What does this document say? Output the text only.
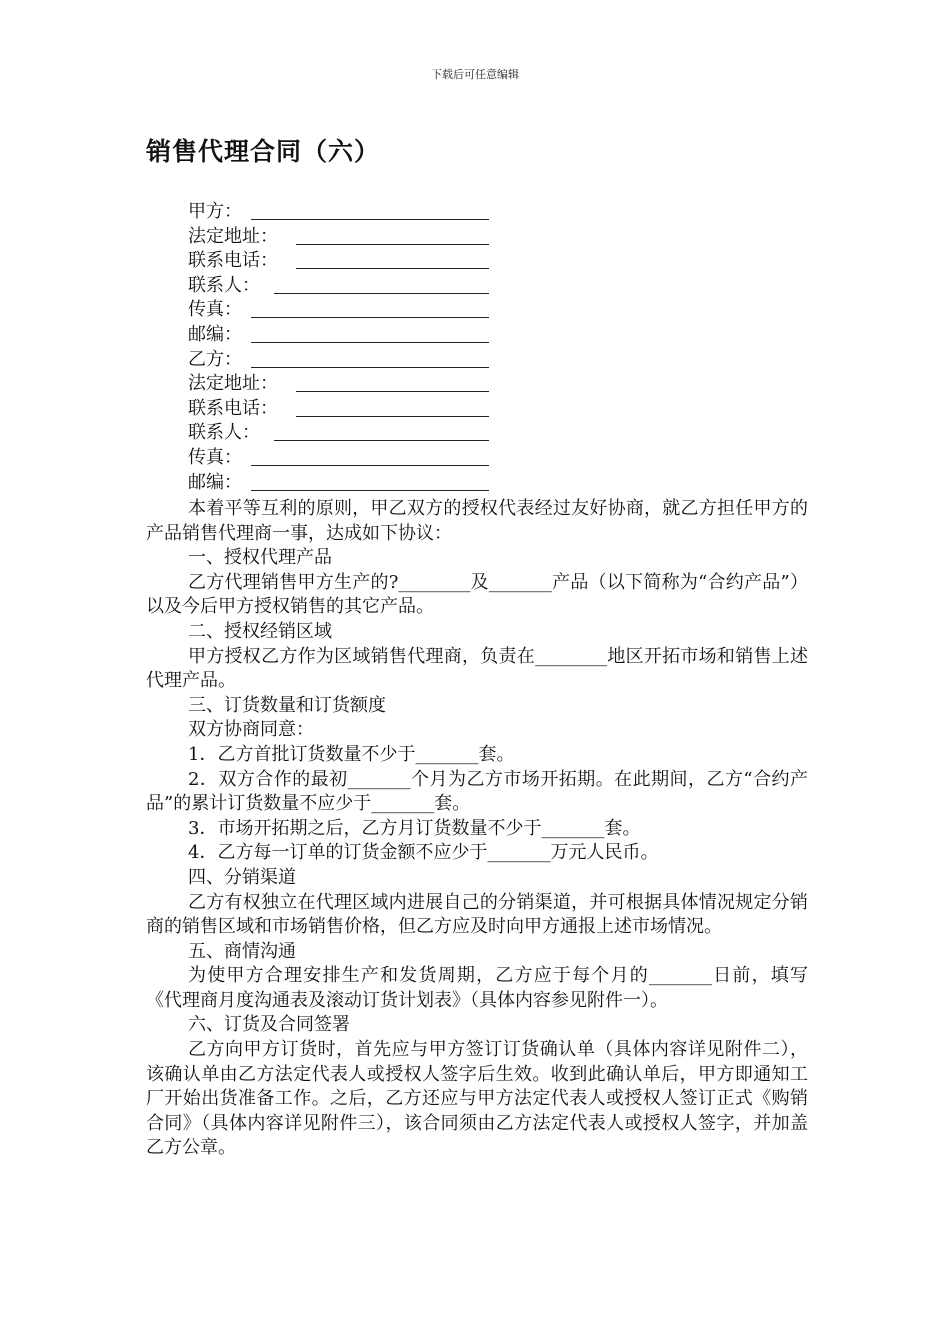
下载后可任意编辑
销售代理合同（六）
甲方：
法定地址：
联系电话：
联系人：
传真：
邮编：
乙方：
法定地址：
联系电话：
联系人：
传真：
邮编：

本着平等互利的原则，甲乙双方的授权代表经过友好协商，就乙方担任甲方的产品销售代理商一事，达成如下协议：

一、授权代理产品

乙方代理销售甲方生产的?________及_______产品（以下简称为“合约产品”）以及今后甲方授权销售的其它产品。

二、授权经销区域

甲方授权乙方作为区域销售代理商，负责在________地区开拓市场和销售上述代理产品。

三、订货数量和订货额度

双方协商同意：

1．乙方首批订货数量不少于_______套。

2．双方合作的最初_______个月为乙方市场开拓期。在此期间，乙方“合约产品”的累计订货数量不应少于_______套。

3．市场开拓期之后，乙方月订货数量不少于_______套。

4．乙方每一订单的订货金额不应少于_______万元人民币。

四、分销渠道

乙方有权独立在代理区域内进展自己的分销渠道，并可根据具体情况规定分销商的销售区域和市场销售价格，但乙方应及时向甲方通报上述市场情况。

五、商情沟通

为使甲方合理安排生产和发货周期，乙方应于每个月的_______日前，填写《代理商月度沟通表及滚动订货计划表》（具体内容参见附件一）。

六、订货及合同签署

乙方向甲方订货时，首先应与甲方签订订货确认单（具体内容详见附件二），该确认单由乙方法定代表人或授权人签字后生效。收到此确认单后，甲方即通知工厂开始出货准备工作。之后，乙方还应与甲方法定代表人或授权人签订正式《购销合同》（具体内容详见附件三），该合同须由乙方法定代表人或授权人签字，并加盖乙方公章。
